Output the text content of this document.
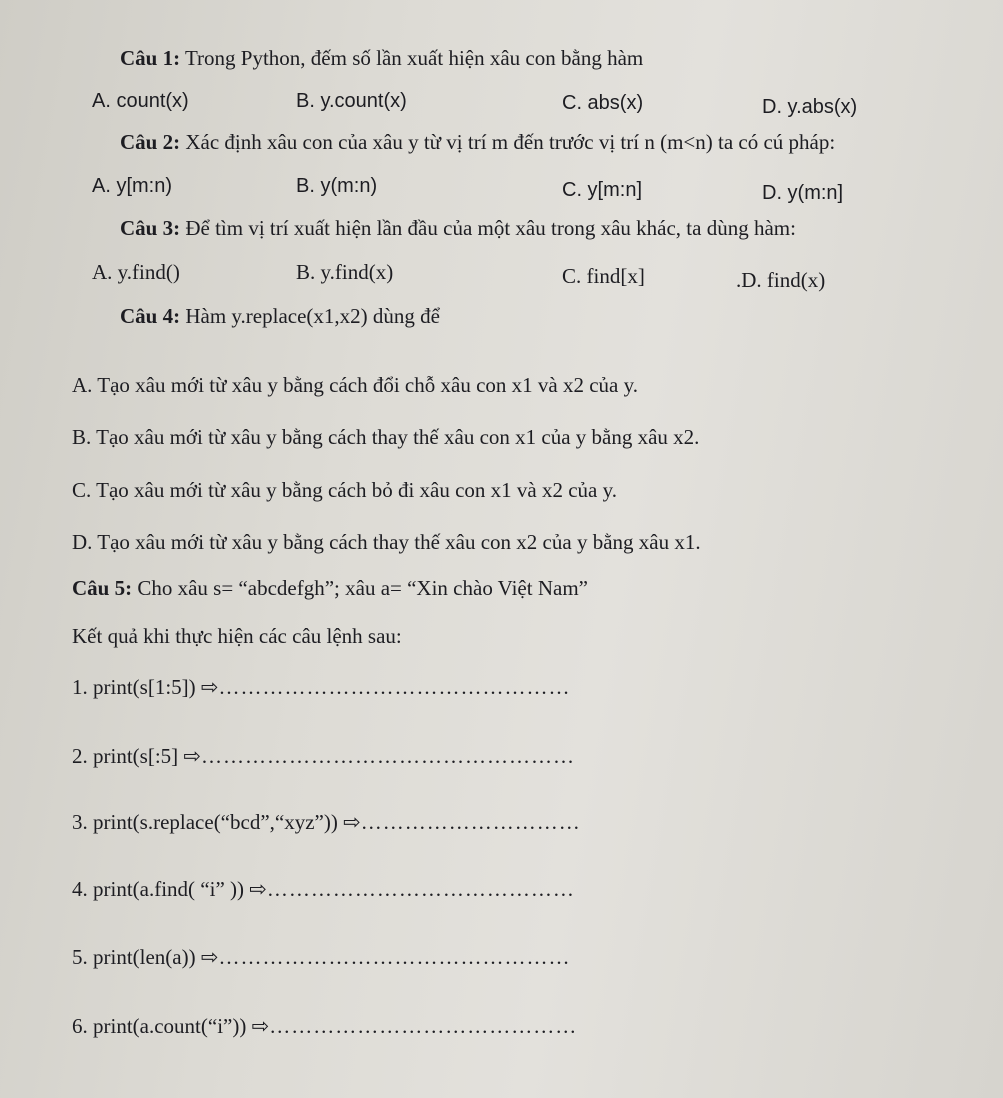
Câu 1: Trong Python, đếm số lần xuất hiện xâu con bằng hàm
A. count(x)	B. y.count(x)	C. abs(x)	D. y.abs(x)
Câu 2: Xác định xâu con của xâu y từ vị trí m đến trước vị trí n (m<n) ta có cú pháp:
A. y[m:n)	B. y(m:n)	C. y[m:n]	D. y(m:n]
Câu 3: Để tìm vị trí xuất hiện lần đầu của một xâu trong xâu khác, ta dùng hàm:
A. y.find()	B. y.find(x)	C. find[x]	.D. find(x)
Câu 4: Hàm y.replace(x1,x2) dùng để
A. Tạo xâu mới từ xâu y bằng cách đổi chỗ xâu con x1 và x2 của y.
B. Tạo xâu mới từ xâu y bằng cách thay thế xâu con x1 của y bằng xâu x2.
C. Tạo xâu mới từ xâu y bằng cách bỏ đi xâu con x1 và x2 của y.
D. Tạo xâu mới từ xâu y bằng cách thay thế xâu con x2 của y bằng xâu x1.
Câu 5: Cho xâu s= “abcdefgh”; xâu a= “Xin chào Việt Nam”
Kết quả khi thực hiện các câu lệnh sau:
1. print(s[1:5]) ⇨…………………………………………
2. print(s[:5] ⇨……………………………………………
3. print(s.replace(“bcd”,“xyz”)) ⇨…………………………
4. print(a.find( “i” )) ⇨……………………………………
5. print(len(a)) ⇨…………………………………………
6. print(a.count(“i”)) ⇨……………………………………
